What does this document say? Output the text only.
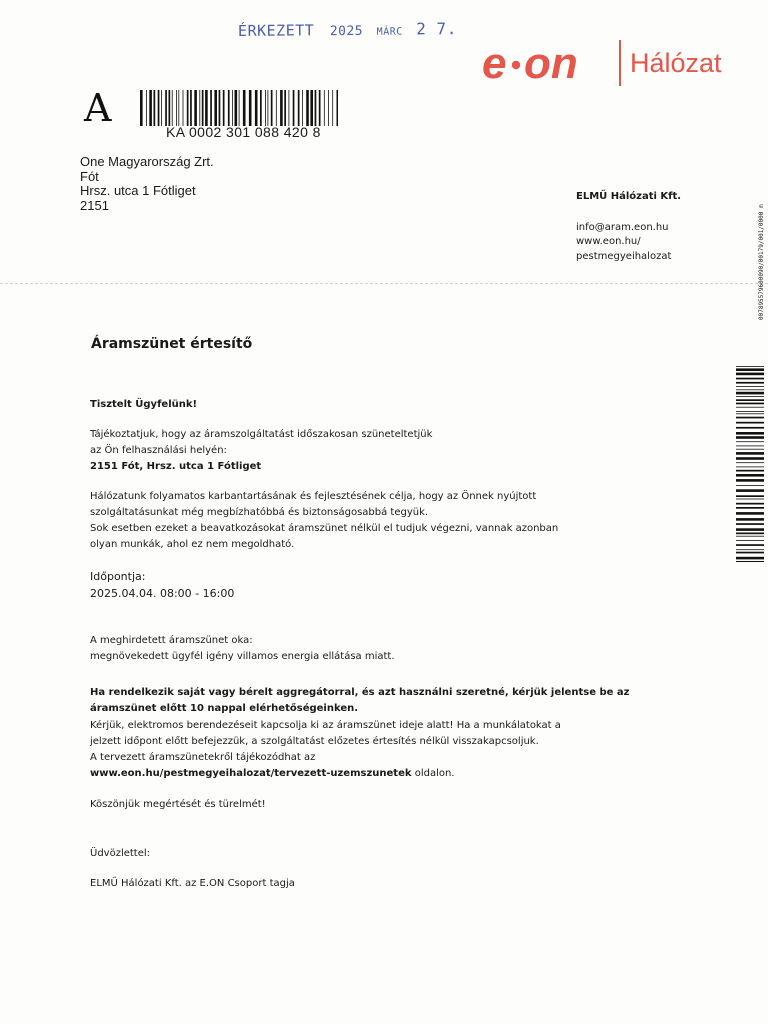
ÉRKEZETT 2025 MÁRC 2 7.
e on Hálózat
A
KA 0002 301 088 420 8
One Magyarország Zrt.
Fót
Hrsz. utca 1 Fótliget
2151
ELMŰ Hálózati Kft.
info@aram.eon.hu
www.eon.hu/
pestmegyeihalozat	007895579600090/00179/001/0000 m
Áramszünet értesítő
Tisztelt Ügyfelünk!
Tájékoztatjuk, hogy az áramszolgáltatást időszakosan szüneteltetjük
az Ön felhasználási helyén:
2151 Fót, Hrsz. utca 1 Fótliget
Hálózatunk folyamatos karbantartásának és fejlesztésének célja, hogy az Önnek nyújtott
szolgáltatásunkat még megbízhatóbbá és biztonságosabbá tegyük.
Sok esetben ezeket a beavatkozásokat áramszünet nélkül el tudjuk végezni, vannak azonban
olyan munkák, ahol ez nem megoldható.
Időpontja:
2025.04.04. 08:00 - 16:00
A meghirdetett áramszünet oka:
megnövekedett ügyfél igény villamos energia ellátása miatt.
Ha rendelkezik saját vagy bérelt aggregátorral, és azt használni szeretné, kérjük jelentse be az
áramszünet előtt 10 nappal elérhetőségeinken.
Kérjük, elektromos berendezéseit kapcsolja ki az áramszünet ideje alatt! Ha a munkálatokat a
jelzett időpont előtt befejezzük, a szolgáltatást előzetes értesítés nélkül visszakapcsoljuk.
A tervezett áramszünetekről tájékozódhat az
www.eon.hu/pestmegyeihalozat/tervezett-uzemszunetek oldalon.
Köszönjük megértését és türelmét!
Üdvözlettel:
ELMŰ Hálózati Kft. az E.ON Csoport tagja
